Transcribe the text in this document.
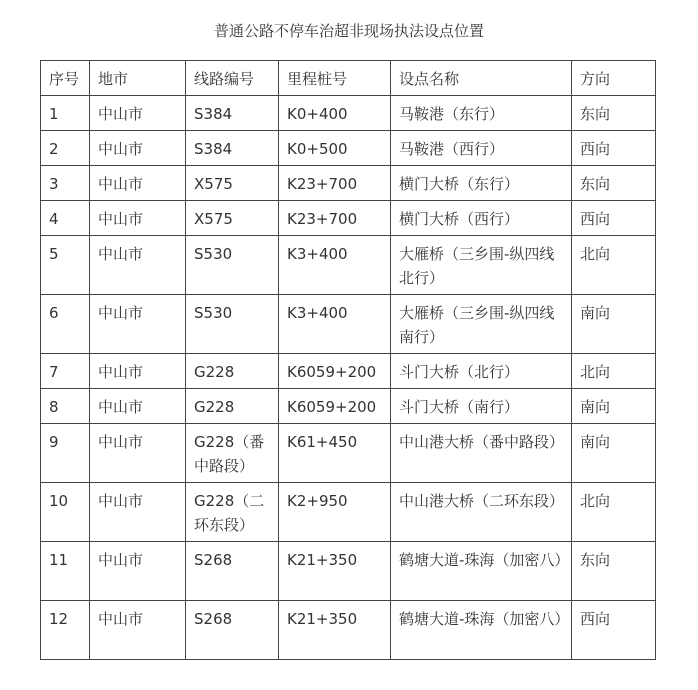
普通公路不停车治超非现场执法设点位置
序号	地市	线路编号	里程桩号	设点名称	方向
1	中山市	S384	K0+400	马鞍港（东行）	东向
2	中山市	S384	K0+500	马鞍港（西行）	西向
3	中山市	X575	K23+700	横门大桥（东行）	东向
4	中山市	X575	K23+700	横门大桥（西行）	西向
5	中山市	S530	K3+400	大雁桥（三乡围-纵四线北行）	北向
6	中山市	S530	K3+400	大雁桥（三乡围-纵四线南行）	南向
7	中山市	G228	K6059+200	斗门大桥（北行）	北向
8	中山市	G228	K6059+200	斗门大桥（南行）	南向
9	中山市	G228（番中路段）	K61+450	中山港大桥（番中路段）	南向
10	中山市	G228（二环东段）	K2+950	中山港大桥（二环东段）	北向
11	中山市	S268	K21+350	鹤塘大道-珠海（加密八）	东向
12	中山市	S268	K21+350	鹤塘大道-珠海（加密八）	西向
